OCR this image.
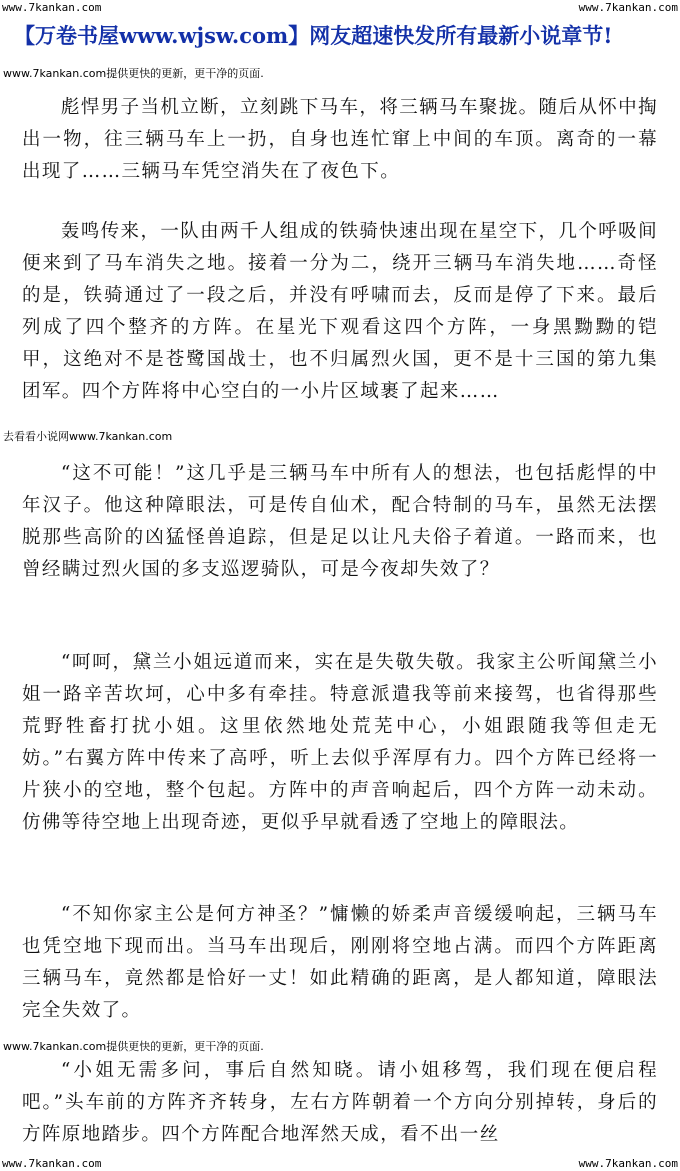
www.7kankan.com	www.7kankan.com
【万卷书屋www.wjsw.com】网友超速快发所有最新小说章节!
www.7kankan.com提供更快的更新，更干净的页面.

彪悍男子当机立断，立刻跳下马车，将三辆马车聚拢。随后从怀中掏出一物，往三辆马车上一扔，自身也连忙窜上中间的车顶。离奇的一幕出现了……三辆马车凭空消失在了夜色下。

轰鸣传来，一队由两千人组成的铁骑快速出现在星空下，几个呼吸间便来到了马车消失之地。接着一分为二，绕开三辆马车消失地……奇怪的是，铁骑通过了一段之后，并没有呼啸而去，反而是停了下来。最后列成了四个整齐的方阵。在星光下观看这四个方阵，一身黑黝黝的铠甲，这绝对不是苍鹭国战士，也不归属烈火国，更不是十三国的第九集团军。四个方阵将中心空白的一小片区域裹了起来……

去看看小说网www.7kankan.com

“这不可能！”这几乎是三辆马车中所有人的想法，也包括彪悍的中年汉子。他这种障眼法，可是传自仙术，配合特制的马车，虽然无法摆脱那些高阶的凶猛怪兽追踪，但是足以让凡夫俗子着道。一路而来，也曾经瞒过烈火国的多支巡逻骑队，可是今夜却失效了？

“呵呵，黛兰小姐远道而来，实在是失敬失敬。我家主公听闻黛兰小姐一路辛苦坎坷，心中多有牵挂。特意派遣我等前来接驾，也省得那些荒野牲畜打扰小姐。这里依然地处荒芜中心，小姐跟随我等但走无妨。”右翼方阵中传来了高呼，听上去似乎浑厚有力。四个方阵已经将一片狭小的空地，整个包起。方阵中的声音响起后，四个方阵一动未动。仿佛等待空地上出现奇迹，更似乎早就看透了空地上的障眼法。

“不知你家主公是何方神圣？”慵懒的娇柔声音缓缓响起，三辆马车也凭空地下现而出。当马车出现后，刚刚将空地占满。而四个方阵距离三辆马车，竟然都是恰好一丈！如此精确的距离，是人都知道，障眼法完全失效了。

www.7kankan.com提供更快的更新，更干净的页面.

“小姐无需多问，事后自然知晓。请小姐移驾，我们现在便启程吧。”头车前的方阵齐齐转身，左右方阵朝着一个方向分别掉转，身后的方阵原地踏步。四个方阵配合地浑然天成，看不出一丝

www.7kankan.com	www.7kankan.com
